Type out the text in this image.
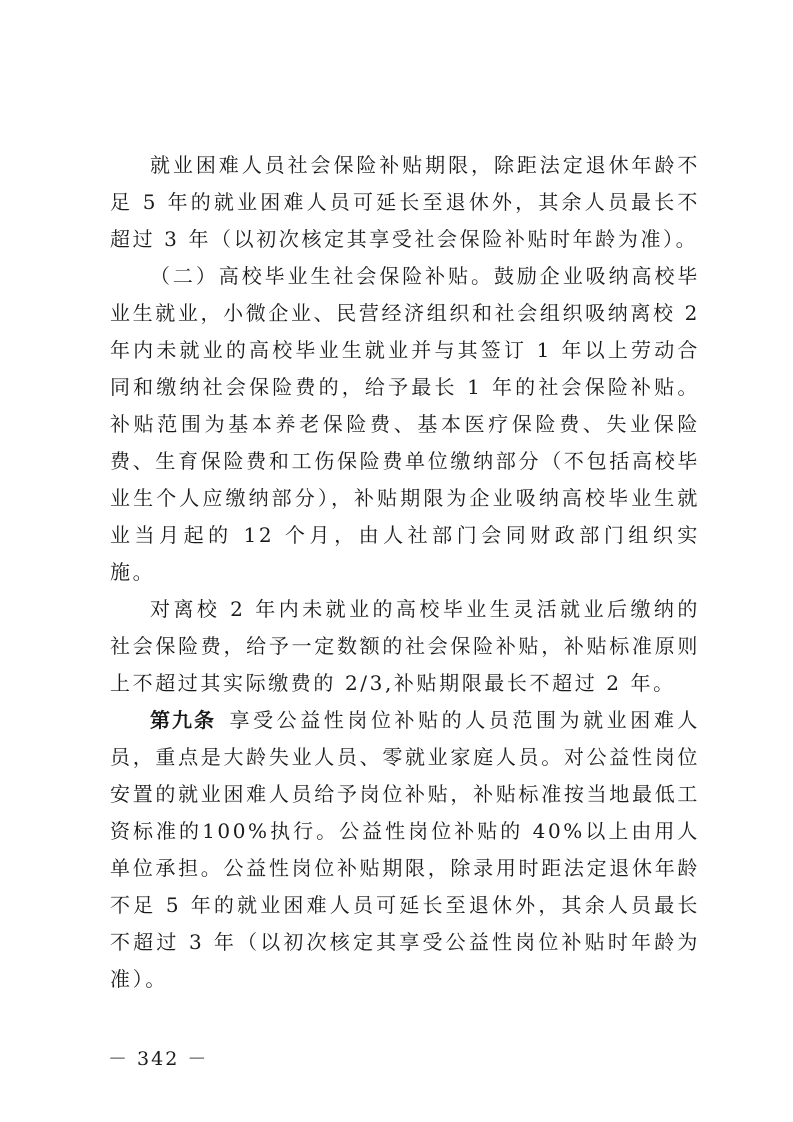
就业困难人员社会保险补贴期限，除距法定退休年龄不足 5 年的就业困难人员可延长至退休外，其余人员最长不超过 3 年（以初次核定其享受社会保险补贴时年龄为准）。

（二）高校毕业生社会保险补贴。鼓励企业吸纳高校毕业生就业，小微企业、民营经济组织和社会组织吸纳离校 2 年内未就业的高校毕业生就业并与其签订 1 年以上劳动合同和缴纳社会保险费的，给予最长 1 年的社会保险补贴。补贴范围为基本养老保险费、基本医疗保险费、失业保险费、生育保险费和工伤保险费单位缴纳部分（不包括高校毕业生个人应缴纳部分），补贴期限为企业吸纳高校毕业生就业当月起的 12 个月，由人社部门会同财政部门组织实施。

对离校 2 年内未就业的高校毕业生灵活就业后缴纳的社会保险费，给予一定数额的社会保险补贴，补贴标准原则上不超过其实际缴费的 2/3,补贴期限最长不超过 2 年。

第九条  享受公益性岗位补贴的人员范围为就业困难人员，重点是大龄失业人员、零就业家庭人员。对公益性岗位安置的就业困难人员给予岗位补贴，补贴标准按当地最低工资标准的100%执行。公益性岗位补贴的 40%以上由用人单位承担。公益性岗位补贴期限，除录用时距法定退休年龄不足 5 年的就业困难人员可延长至退休外，其余人员最长不超过 3 年（以初次核定其享受公益性岗位补贴时年龄为准）。

－ 342 －
